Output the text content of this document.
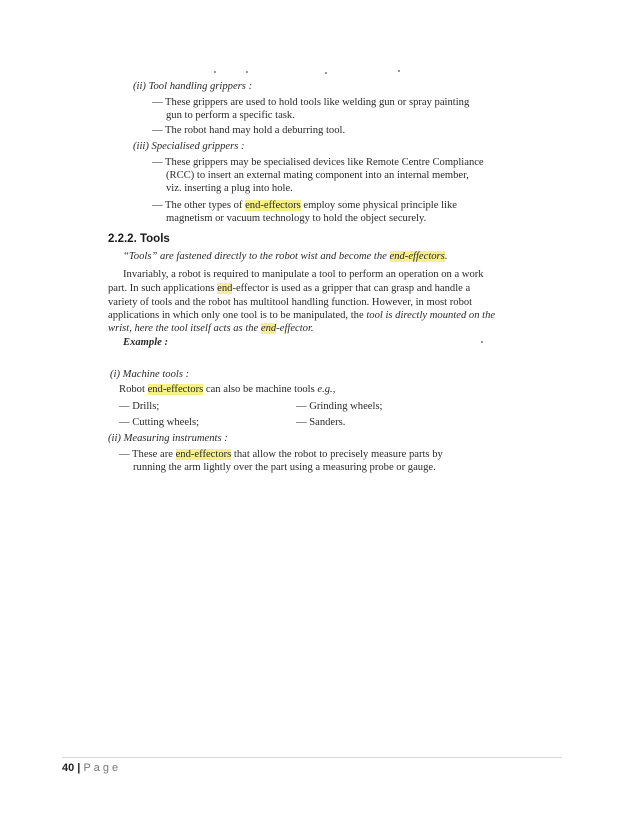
(ii) Tool handling grippers :
— These grippers are used to hold tools like welding gun or spray painting
gun to perform a specific task.
— The robot hand may hold a deburring tool.
(iii) Specialised grippers :
— These grippers may be specialised devices like Remote Centre Compliance
(RCC) to insert an external mating component into an internal member,
viz. inserting a plug into hole.
— The other types of end-effectors employ some physical principle like
magnetism or vacuum technology to hold the object securely.
2.2.2. Tools
“Tools” are fastened directly to the robot wist and become the end-effectors.
Invariably, a robot is required to manipulate a tool to perform an operation on a work
part. In such applications end-effector is used as a gripper that can grasp and handle a
variety of tools and the robot has multitool handling function. However, in most robot
applications in which only one tool is to be manipulated, the tool is directly mounted on the
wrist, here the tool itself acts as the end-effector.
Example :
(i) Machine tools :
Robot end-effectors can also be machine tools e.g.,
— Drills;
— Cutting wheels;
— Grinding wheels;
— Sanders.
(ii) Measuring instruments :
— These are end-effectors that allow the robot to precisely measure parts by
running the arm lightly over the part using a measuring probe or gauge.
40 | Page
